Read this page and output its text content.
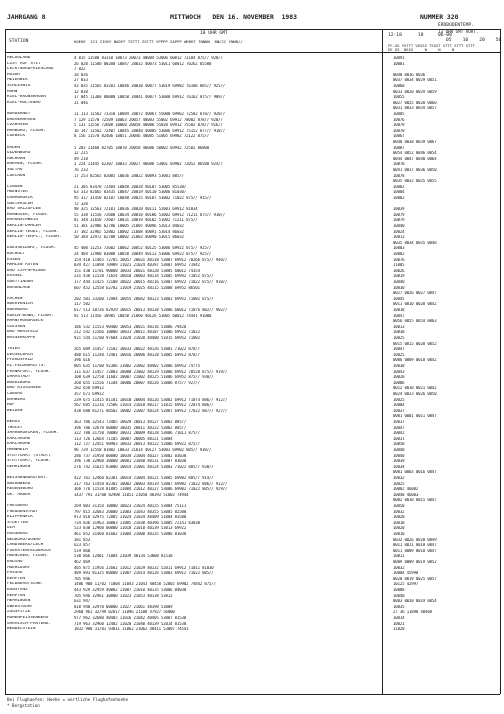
JAHRGANG 8	MITTWOCH   DEN 16. NOVEMBER  1983	NUMMER 320
18 UHR GMT
STATION	HOEHE  III IIHVV NODFF TSTTT ZSTTT VPPPP SAPPP WRRRT TNNNN  BNCCC YNNN//
12-18	18	06-08
ERDBODENTEMP.
13 UHR GMT VORT.
05    10    20    50
FF-GG YSTTT VESSS TSSST STTT STTT STTT
EE GG  NSSS     N     N     N
HELGOLAND	4 015 11580 83310 10073 20073 40084 53006 60012 72184 875// 928//	10091
LIST AUF SYLT	26 020 11580 80208 10047 20032 40073 53011 60012 70262 85500	10081
LECK/NORDFRIESLAND	7 022
HUSUM	28 026	0040 0036 0036
MEIERWIK	27 033	0037 0034 0029 0051
SCHLESWIG	43 035 11565 83201 10046 20038 40077 53019 69982 76188 885// 925//	10068
HOHN	12 038	0033 0020 0029 0059
KIEL-KRONSHAGEN	17 045 11368 80000 10050 20041 40077 53008 69912 76162 875// 909//	10055
KIEL-HOLTENAU	31 046	0027 0025 0028 0060
0031 0033 0034 0057
NORDERNEY	11 113 11562 73310 10084 20072 40067 55000 69962 72582 878// 920//	10085
BREMERHAVEN	7 129 11570 72509 10063 20057 40083 55002 69912 78082 878// 920//	10076
CUXHAVEN	5 131 11556 72608 10060 20058 40086 55020 69912 75582 878// 916//	10079
HAMBURG, FLUGH.	16 147 11562 72407 10045 20048 40085 53006 69912 75152 877// 910//	10070
LUEBECK	8 156 11570 82406 10051 20046 40085 51005 69902 72122 875//	10067
0040 0038 0039 0067
EMDEN	5 203 11468 82705 10070 20058 40086 58002 69942 72582 86800	10087
OLDENBURG	12 215	0054 0052 0046 0054
AHLHORN	49 218	0044 0047 0048 0064
BREMEN, FLUGH.	3 224 11445 62307 10033 20027 40088 53001 69902 72052 86500 924//	10078
SOLTAU	76 233	0041 0037 0036 0050
LUECHOW	17 253 82565 82005 10036 20022 40093 53001 885//	10078
0035 0032 0035 0055
LINGEN	21 305 83470 72404 10048 20028 40107 53005 85530/	10082
MUENSTER	63 313 82665 83435 10047 20019 40110 53006 81030/	10084
OSNABRUECK	95 317 31450 82107 10040 20025 40107 53002 71022 875// 915//	10082
GUETERSLOH	72 320
BAD SALZUFLEN	98 325 12563 72101 10036 20020 40111 52001 69912 81034	10039
HANNOVER, FLUGH.	55 338 11556 72608 10034 20018 40106 53002 69912 71211 875// 910//	10079
BRAUNSCHWEIG	81 348 31650 72607 10031 20019 40102 51002 71211 875//	10079
BERLIN-DAHLEM	51 381 32906 62706 10005 21005 40096 52013 84032	10040
BERLIN-TEGEL, FLUGH.	37 382 32965 52802 10002 21008 40091 53014 86032	10024
BERLIN-TEMPL., FLUGH.	50 384 32972 62708 10002 21003 40090 53015 86032	10013
0035 0034 0035 0048
DUESSELDORF, FLUGH.	45 400 11253 72602 10062 20052 40125 53006 69922 875// 925//	10083
BOCHOLT	24 404 12980 83008 10058 20049 40113 53006 69922 875// 925//	10082
ESSEN	154 410 11465 72705 10057 20031 40118 53007 69912 70266 875// 940//	10076
HAHLEN ASTEN	839 427 11098 70909 11021 21024 40397 53007 69952 71942	11005
BAD LIPPSPRINGE	151 430 11/01 90000 10033 20021 40120 53005 60012 74354	10026
KASSEL	231 438 11520 71654 10010 20003 40114 52005 69942 71052 875//	10019
GOETTINGEN	177 444 11425 72108 10022 20015 40116 52007 69922 71022 875// 910//	10040
BRAUNLAGE	607 452 12558 62702 11019 21025 40115 52008 69952 86501	10030
0027 0026 0027 0047
AACHEN	202 501 33200 72904 10055 20042 40123 53003 69952 71082 875//	10045
NOERVENICH	117 502	0011 0010 0020 0042
NUERBURG	617 513 10726 82929 10015 20013 40128 52006 60012 71076 882// 902//	10018
KOELN-BONN, FLUGH.	92 513 11456 10905 10050 21060 40126 53005 60012 74441 91000	10047
HAHN/HUNSRUECK	0056 0055 0054 0063
GIESSEN	186 532 11553 90400 10053 20021 40116 53006 79420	10013
BAD HERSFELD	212 542 11566 10000 10031 20011 40107 51006 69922 71022	10030
WASSERKUPPE	921 544 11/00 97604 11020 21020 40400 51015 69952 71082	10025
0015 0015 0020 0052
TRIER	265 609 31457 72102 10033 20022 40126 53001 71022 878//	10047
DEUSELBACH	480 615 11240 72401 10016 20006 40128 53005 69912 878//	10025
PFERDSFELD	396 616	0006 0009 0018 0042
KL.FELDBERG/TS.	805 635 11/00 92306 11002 21002 40402 52006 69952 74775	10030
FRANKFURT, FLUGH.	111 637 11457 72003 20000 21002 40129 51006 69912 70520 875// 919//	10043
DARMSTADT	108 639 12758 11602 10007 21002 40125 51006 69952 875// 930//	10028
WUERZBURG	268 655 11556 71104 10006 20007 40126 53006 875// 927//	10006
BAD KISSINGEN	282 658 69912	0012 0010 0021 0042
COBURG	357 671 69922	0024 0023 0026 0050
BAMBERG	239 675 11415 81101 10010 20004 40126 53002 69912 71074 886// 912//	10025
HOF	567 685 11216 72506 11014 21018 40117 51015 69912 72074 886//	10004
WEIDEN	438 688 81271 80502 10002 21007 40124 52007 69912 77822 887// 927//	10037
0001 0001 0011 0047
BERUS	363 706 32543 73405 10029 20013 40127 53002 885//	10037
THOLEY	396 706 32670 80000 10035 20011 40122 53002 885//	10047
SAARBRUECKEN, FLUGH.	322 708 31750 70000 10031 20009 40128 53006 71011 875//	10042
KARLSRUHE	113 726 12664 71105 10007 20005 40121 53004	10031
KARLSRUHE	112 727 12451 90903 10033 20013 40122 52006 69922 875//	10058
MANNHEIM	96 729 12558 81802 10033 21014 40127 53003 69902 885// 930//	10040
STUTTGART (STADT)	286 737 31950 00000 10034 21004 40127 53002 83030	10040
STUTTGART, FLUGH.	396 738 32960 30000 10001 21040 40131 53007 83030	10039
OEHRINGEN	276 742 31625 83000 10014 21001 40124 53003 71022 885// 930//	10034
0001 0003 0016 0047
WEISSENBURG/BAY.	422 761 12460 82301 10014 21004 40121 53005 69902 885// 914//	10032
NUERNBERG	317 763 11450 82302 10002 20003 40119 53007 69902 71022 886// 912//	10025
REGENSBURG	366 776 11528 81805 11004 21012 40127 53006 69902 71022 885// 929//	10002 46002
GR. ARBER	1437 791 31/00 82908 11051 21058 48393 51002 74944	10040 46003
0002 0010 0015 0047
FREIBURG	269 803 31154 10000 10023 21024 40125 53004 75111	10050
FREUDENSTADT	797 815 32683 20000 11003 21043 40355 53005 82500	10032
KLIPPENECK	973 818 32975 72805 11024 21034 48409 51004 83500	10020
STOETTEN	734 836 31963 30003 11005 21030 40396 53005 72141 83030	10018
ULM	523 838 12960 00000 11010 21010 40139 53013 69922	10020
AUGSBURG	461 852 31460 81602 11004 21000 40135 53006 81030	10010
NEUBURG/DONAU	381 853	0032 0026 0020 0049
LANDSBERG/LECH	623 857	0011 0011 0018 0047
FUERSTENFELDBRUCK	519 860	0011 0009 0018 0047
MUENCHEN, FLUGH.	530 866 12401 71004 21039 40134 53008 81530	10011
ERDING	462 869	0009 0009 0019 0052
MUEHLDORF	405 875 11956 22602 11012 21029 40132 52011 69912 71011 81030	10032
PASSAU	409 893 81325 80000 11007 21014 40126 53003 69912 71022 885//	10004 45998
KEMPTEN	705 946	0020 0019 0025 0057
FELDBERG/SCHW.	1486 908 11/02 71004 11043 21043 48458 52005 69902 74842 875//	10125 42997
KONSTANZ	443 929 32959 40002 11007 21010 40135 53006 84030	10008
KEMPTEN	705 946 32961 30000 11023 21053 40138 53012	10040
MEMMINGEN	631 947	0003 0010 0019 0054
OBERSTDORF	810 948 32970 00000 11027 21061 48398 53009	10035
ZUGSPITZE	2960 961 32/99 02817 11096 21108 47927 56000	27 36 11090 40408
HOHENPEISSENBERG	977 962 32680 40405 11016 21042 40405 53007 81530	10014
GARMISCH-PARTENK.	719 963 32960 12402 11020 21040 40139 52014 81530	10021
WENDELSTEIN	1832 980 31/01 93011 11062 21062 48411 53007 74541	11020
Bei Flughaefen: Hoehe = oertliche Flughafenhoehe
* Bergstation
